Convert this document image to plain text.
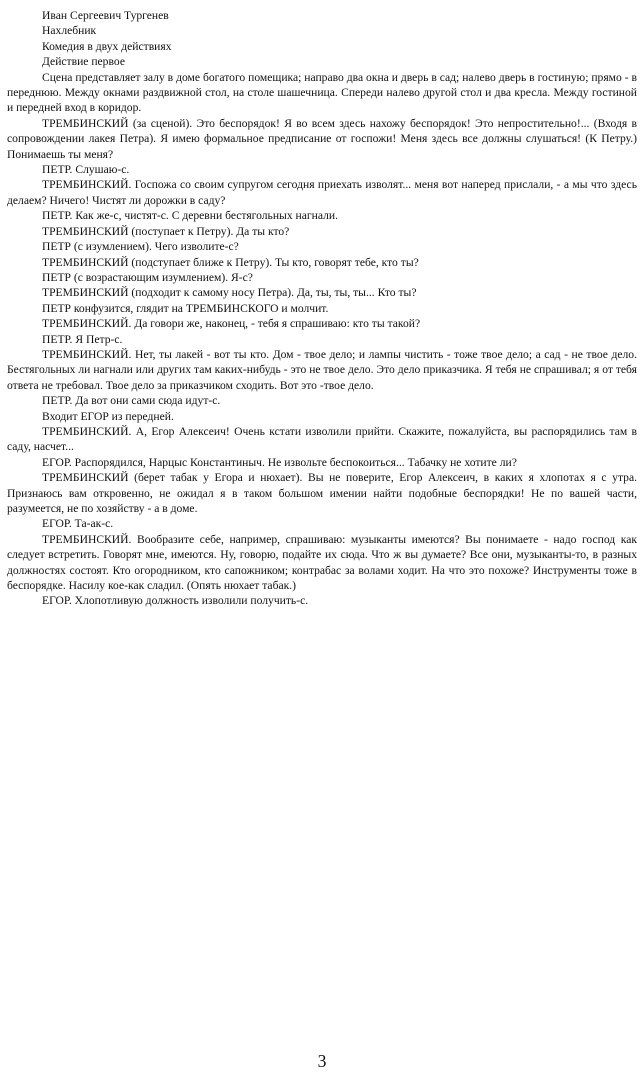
Иван Сергеевич Тургенев

Нахлебник

Комедия в двух действиях

Действие первое

Сцена представляет залу в доме богатого помещика; направо два окна и дверь в сад; налево дверь в гостиную; прямо - в переднюю. Между окнами раздвижной стол, на столе шашечница. Спереди налево другой стол и два кресла. Между гостиной и передней вход в коридор.

ТРЕМБИНСКИЙ (за сценой). Это беспорядок! Я во всем здесь нахожу беспорядок! Это непростительно!... (Входя в сопровождении лакея Петра). Я имею формальное предписание от госпожи! Меня здесь все должны слушаться! (К Петру.) Понимаешь ты меня?

ПЕТР. Слушаю-с.

ТРЕМБИНСКИЙ. Госпожа со своим супругом сегодня приехать изволят... меня вот наперед прислали, - а мы что здесь делаем? Ничего! Чистят ли дорожки в саду?

ПЕТР. Как же-с, чистят-с. С деревни бестягольных нагнали.

ТРЕМБИНСКИЙ (поступает к Петру). Да ты кто?

ПЕТР (с изумлением). Чего изволите-с?

ТРЕМБИНСКИЙ (подступает ближе к Петру). Ты кто, говорят тебе, кто ты?

ПЕТР (с возрастающим изумлением). Я-с?

ТРЕМБИНСКИЙ (подходит к самому носу Петра). Да, ты, ты, ты... Кто ты?

ПЕТР конфузится, глядит на ТРЕМБИНСКОГО и молчит.

ТРЕМБИНСКИЙ. Да говори же, наконец, - тебя я спрашиваю: кто ты такой?

ПЕТР. Я Петр-с.

ТРЕМБИНСКИЙ. Нет, ты лакей - вот ты кто. Дом - твое дело; и лампы чистить - тоже твое дело; а сад - не твое дело. Бестягольных ли нагнали или других там каких-нибудь - это не твое дело. Это дело приказчика. Я тебя не спрашивал; я от тебя ответа не требовал. Твое дело за приказчиком сходить. Вот это -твое дело.

ПЕТР. Да вот они сами сюда идут-с.

Входит ЕГОР из передней.

ТРЕМБИНСКИЙ. А, Егор Алексеич! Очень кстати изволили прийти. Скажите, пожалуйста, вы распорядились там в саду, насчет...

ЕГОР. Распорядился, Нарцыс Константиныч. Не извольте беспокоиться... Табачку не хотите ли?

ТРЕМБИНСКИЙ (берет табак у Егора и нюхает). Вы не поверите, Егор Алексеич, в каких я хлопотах я с утра. Признаюсь вам откровенно, не ожидал я в таком большом имении найти подобные беспорядки! Не по вашей части, разумеется, не по хозяйству - а в доме.

ЕГОР. Та-ак-с.

ТРЕМБИНСКИЙ. Вообразите себе, например, спрашиваю: музыканты имеются? Вы понимаете - надо господ как следует встретить. Говорят мне, имеются. Ну, говорю, подайте их сюда. Что ж вы думаете? Все они, музыканты-то, в разных должностях состоят. Кто огородником, кто сапожником; контрабас за волами ходит. На что это похоже? Инструменты тоже в беспорядке. Насилу кое-как сладил. (Опять нюхает табак.)

ЕГОР. Хлопотливую должность изволили получить-с.

3
